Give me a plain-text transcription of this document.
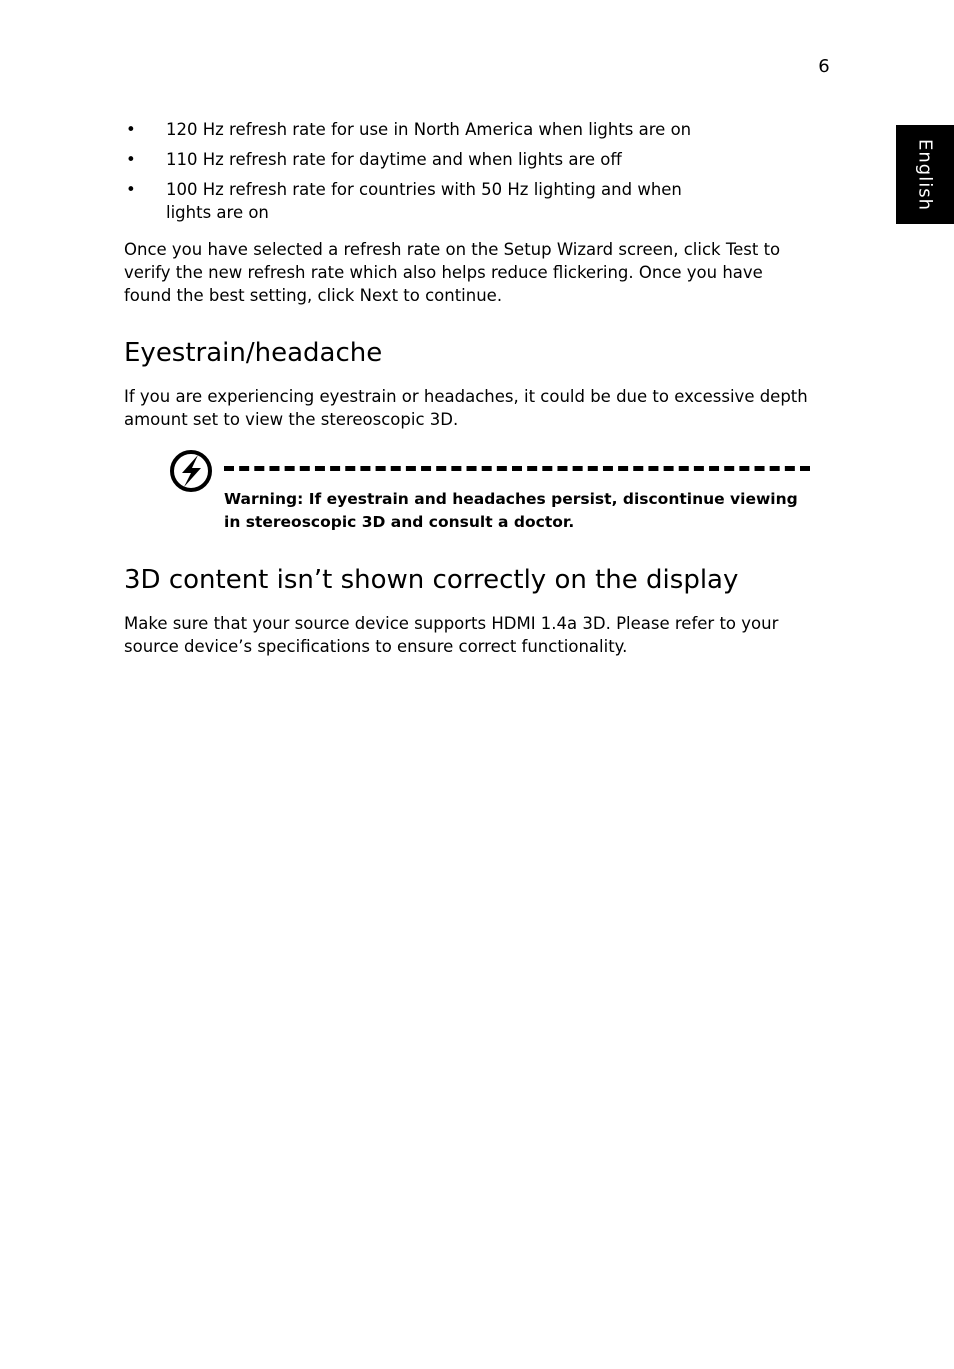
6
English
• 120 Hz refresh rate for use in North America when lights are on
• 110 Hz refresh rate for daytime and when lights are off
• 100 Hz refresh rate for countries with 50 Hz lighting and when lights are on

Once you have selected a refresh rate on the Setup Wizard screen, click Test to verify the new refresh rate which also helps reduce flickering. Once you have found the best setting, click Next to continue.

Eyestrain/headache

If you are experiencing eyestrain or headaches, it could be due to excessive depth amount set to view the stereoscopic 3D.

Warning: If eyestrain and headaches persist, discontinue viewing in stereoscopic 3D and consult a doctor.

3D content isn’t shown correctly on the display

Make sure that your source device supports HDMI 1.4a 3D. Please refer to your source device’s specifications to ensure correct functionality.
